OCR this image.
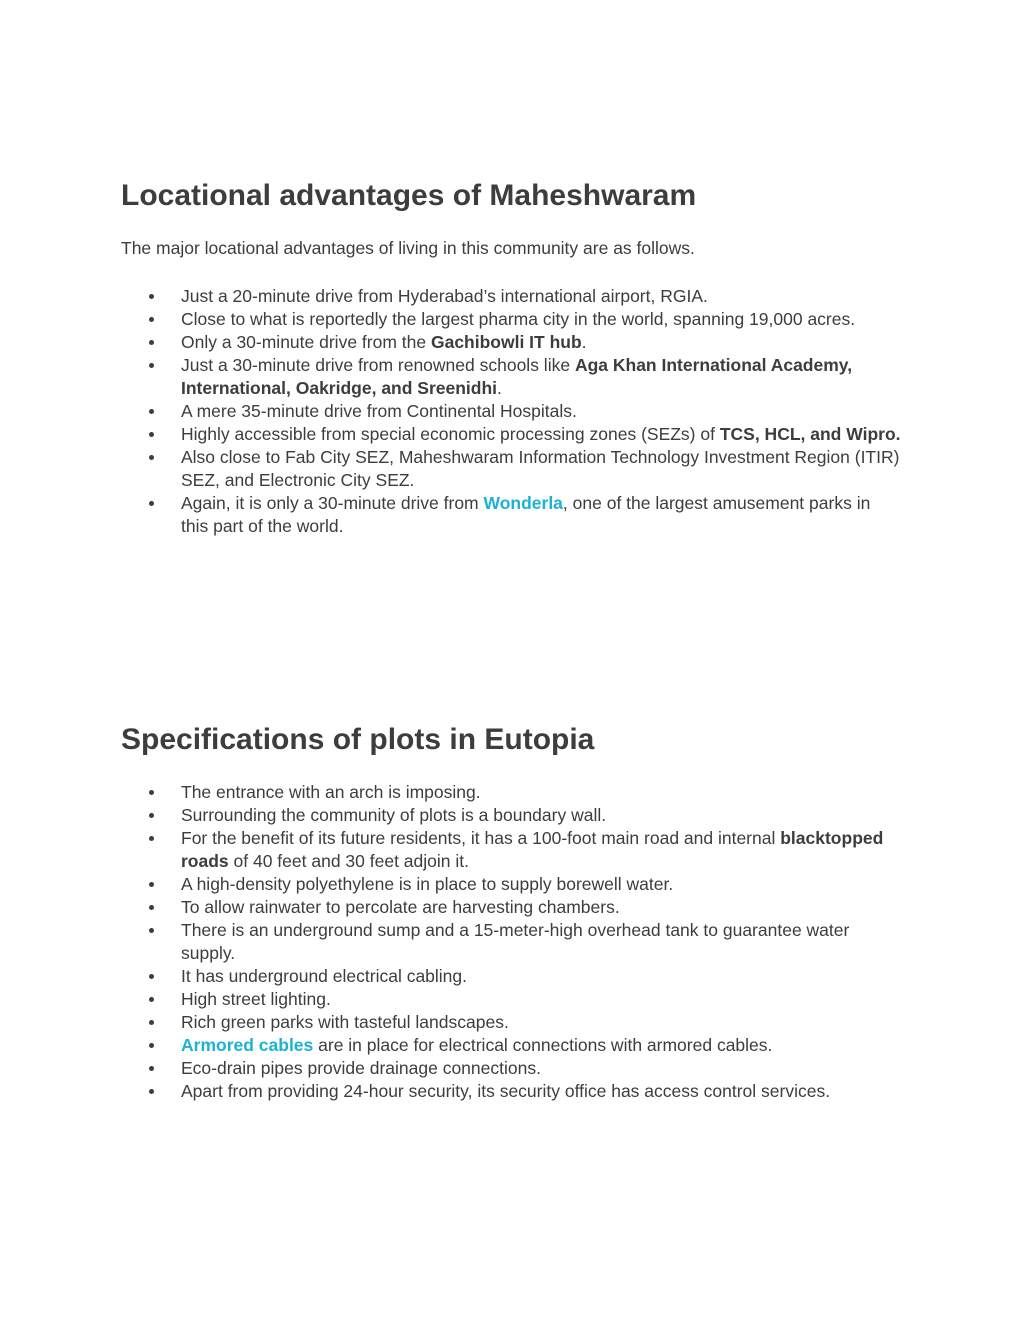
Locational advantages of Maheshwaram

The major locational advantages of living in this community are as follows.

Just a 20-minute drive from Hyderabad’s international airport, RGIA.
Close to what is reportedly the largest pharma city in the world, spanning 19,000 acres.
Only a 30-minute drive from the Gachibowli IT hub.
Just a 30-minute drive from renowned schools like Aga Khan International Academy, International, Oakridge, and Sreenidhi.
A mere 35-minute drive from Continental Hospitals.
Highly accessible from special economic processing zones (SEZs) of TCS, HCL, and Wipro.
Also close to Fab City SEZ, Maheshwaram Information Technology Investment Region (ITIR) SEZ, and Electronic City SEZ.
Again, it is only a 30-minute drive from Wonderla, one of the largest amusement parks in this part of the world.
Specifications of plots in Eutopia
The entrance with an arch is imposing.
Surrounding the community of plots is a boundary wall.
For the benefit of its future residents, it has a 100-foot main road and internal blacktopped roads of 40 feet and 30 feet adjoin it.
A high-density polyethylene is in place to supply borewell water.
To allow rainwater to percolate are harvesting chambers.
There is an underground sump and a 15-meter-high overhead tank to guarantee water supply.
It has underground electrical cabling.
High street lighting.
Rich green parks with tasteful landscapes.
Armored cables are in place for electrical connections with armored cables.
Eco-drain pipes provide drainage connections.
Apart from providing 24-hour security, its security office has access control services.
